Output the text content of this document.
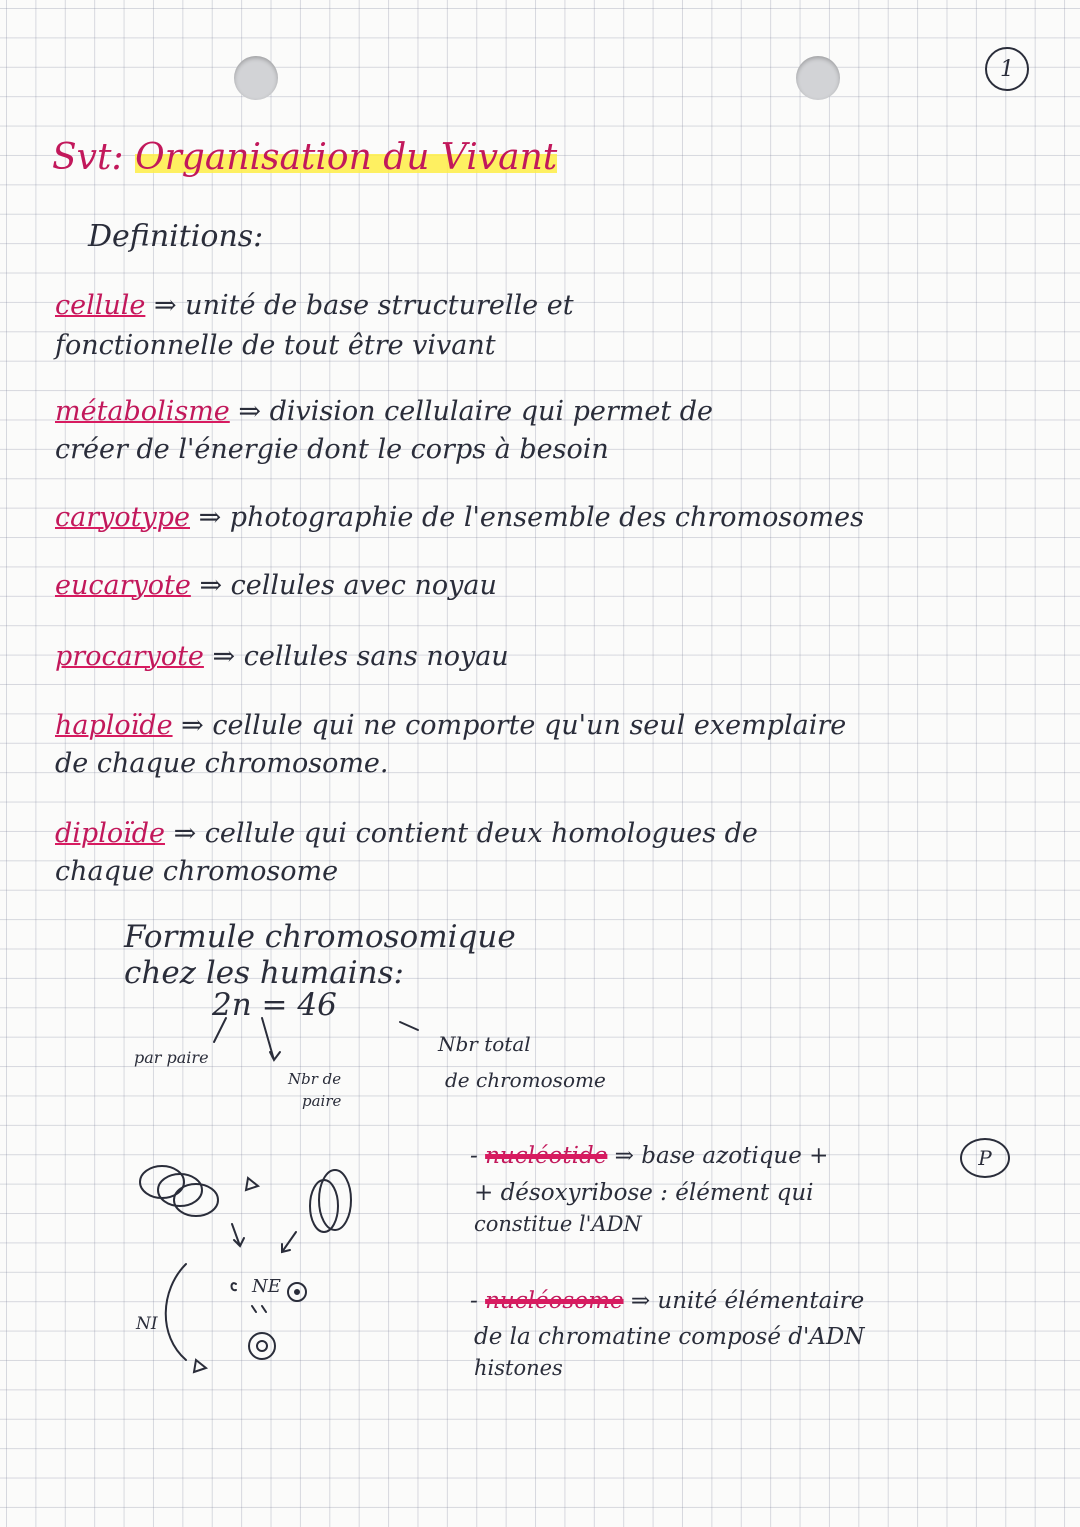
1
Svt: Organisation du Vivant
Definitions:
cellule ⇒ unité de base structurelle et
fonctionnelle de tout être vivant
métabolisme ⇒ division cellulaire qui permet de
créer de l'énergie dont le corps à besoin
caryotype ⇒ photographie de l'ensemble des chromosomes
eucaryote ⇒ cellules avec noyau
procaryote ⇒ cellules sans noyau
haploïde ⇒ cellule qui ne comporte qu'un seul exemplaire
de chaque chromosome.
diploïde ⇒ cellule qui contient deux homologues de
chaque chromosome
Formule chromosomique
chez les humains:
2n = 46
par paire
Nbr de
paire
Nbr total
de chromosome
- nucléotide ⇒ base azotique +	P
+ désoxyribose : élément qui
constitue l'ADN
- nucléosome ⇒ unité élémentaire
de la chromatine composé d'ADN
histones
NE
NI
